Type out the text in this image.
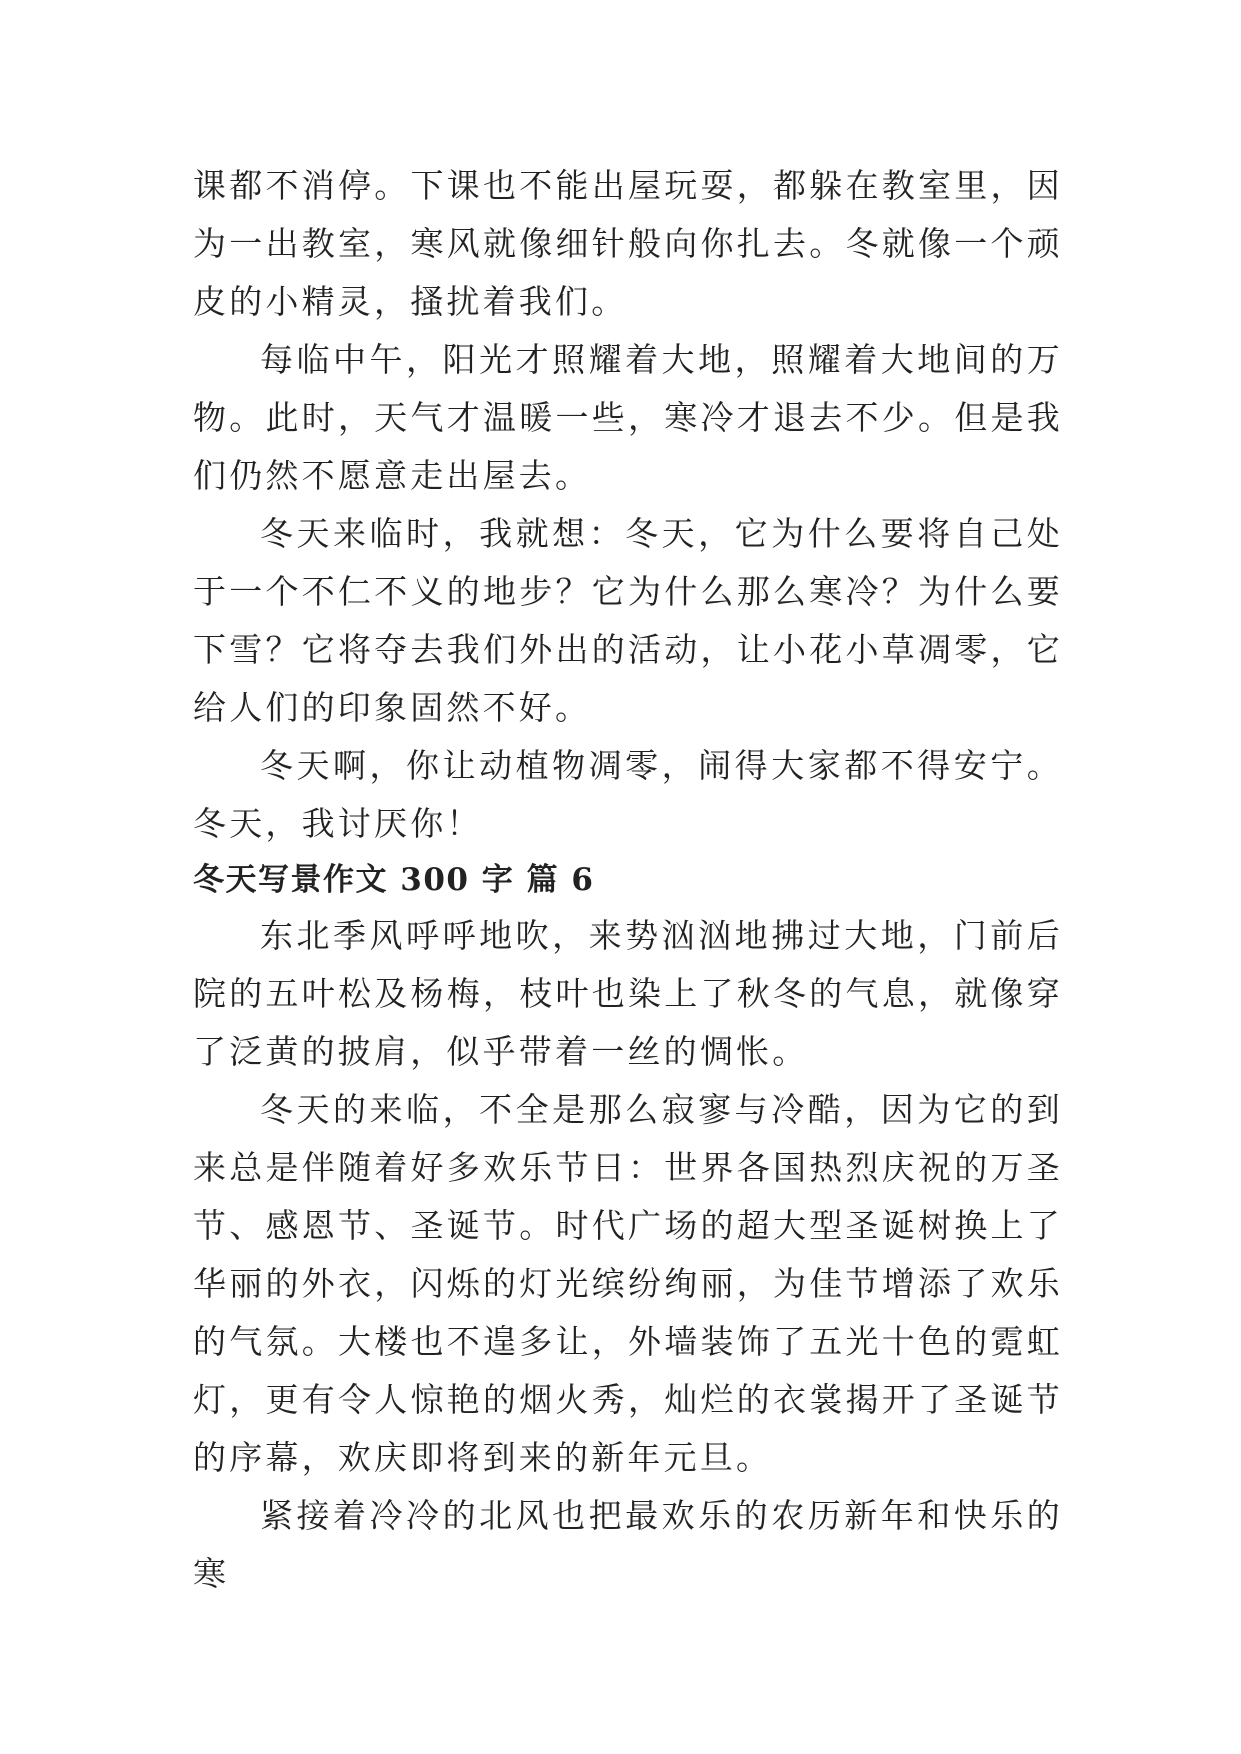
课都不消停。下课也不能出屋玩耍，都躲在教室里，因为一出教室，寒风就像细针般向你扎去。冬就像一个顽皮的小精灵，搔扰着我们。

每临中午，阳光才照耀着大地，照耀着大地间的万物。此时，天气才温暖一些，寒冷才退去不少。但是我们仍然不愿意走出屋去。

冬天来临时，我就想：冬天，它为什么要将自己处于一个不仁不义的地步？它为什么那么寒冷？为什么要下雪？它将夺去我们外出的活动，让小花小草凋零，它给人们的印象固然不好。

冬天啊，你让动植物凋零，闹得大家都不得安宁。冬天，我讨厌你！

冬天写景作文 300 字 篇 6

东北季风呼呼地吹，来势汹汹地拂过大地，门前后院的五叶松及杨梅，枝叶也染上了秋冬的气息，就像穿了泛黄的披肩，似乎带着一丝的惆怅。

冬天的来临，不全是那么寂寥与冷酷，因为它的到来总是伴随着好多欢乐节日：世界各国热烈庆祝的万圣节、感恩节、圣诞节。时代广场的超大型圣诞树换上了华丽的外衣，闪烁的灯光缤纷绚丽，为佳节增添了欢乐的气氛。大楼也不遑多让，外墙装饰了五光十色的霓虹灯，更有令人惊艳的烟火秀，灿烂的衣裳揭开了圣诞节的序幕，欢庆即将到来的新年元旦。

紧接着冷冷的北风也把最欢乐的农历新年和快乐的寒
